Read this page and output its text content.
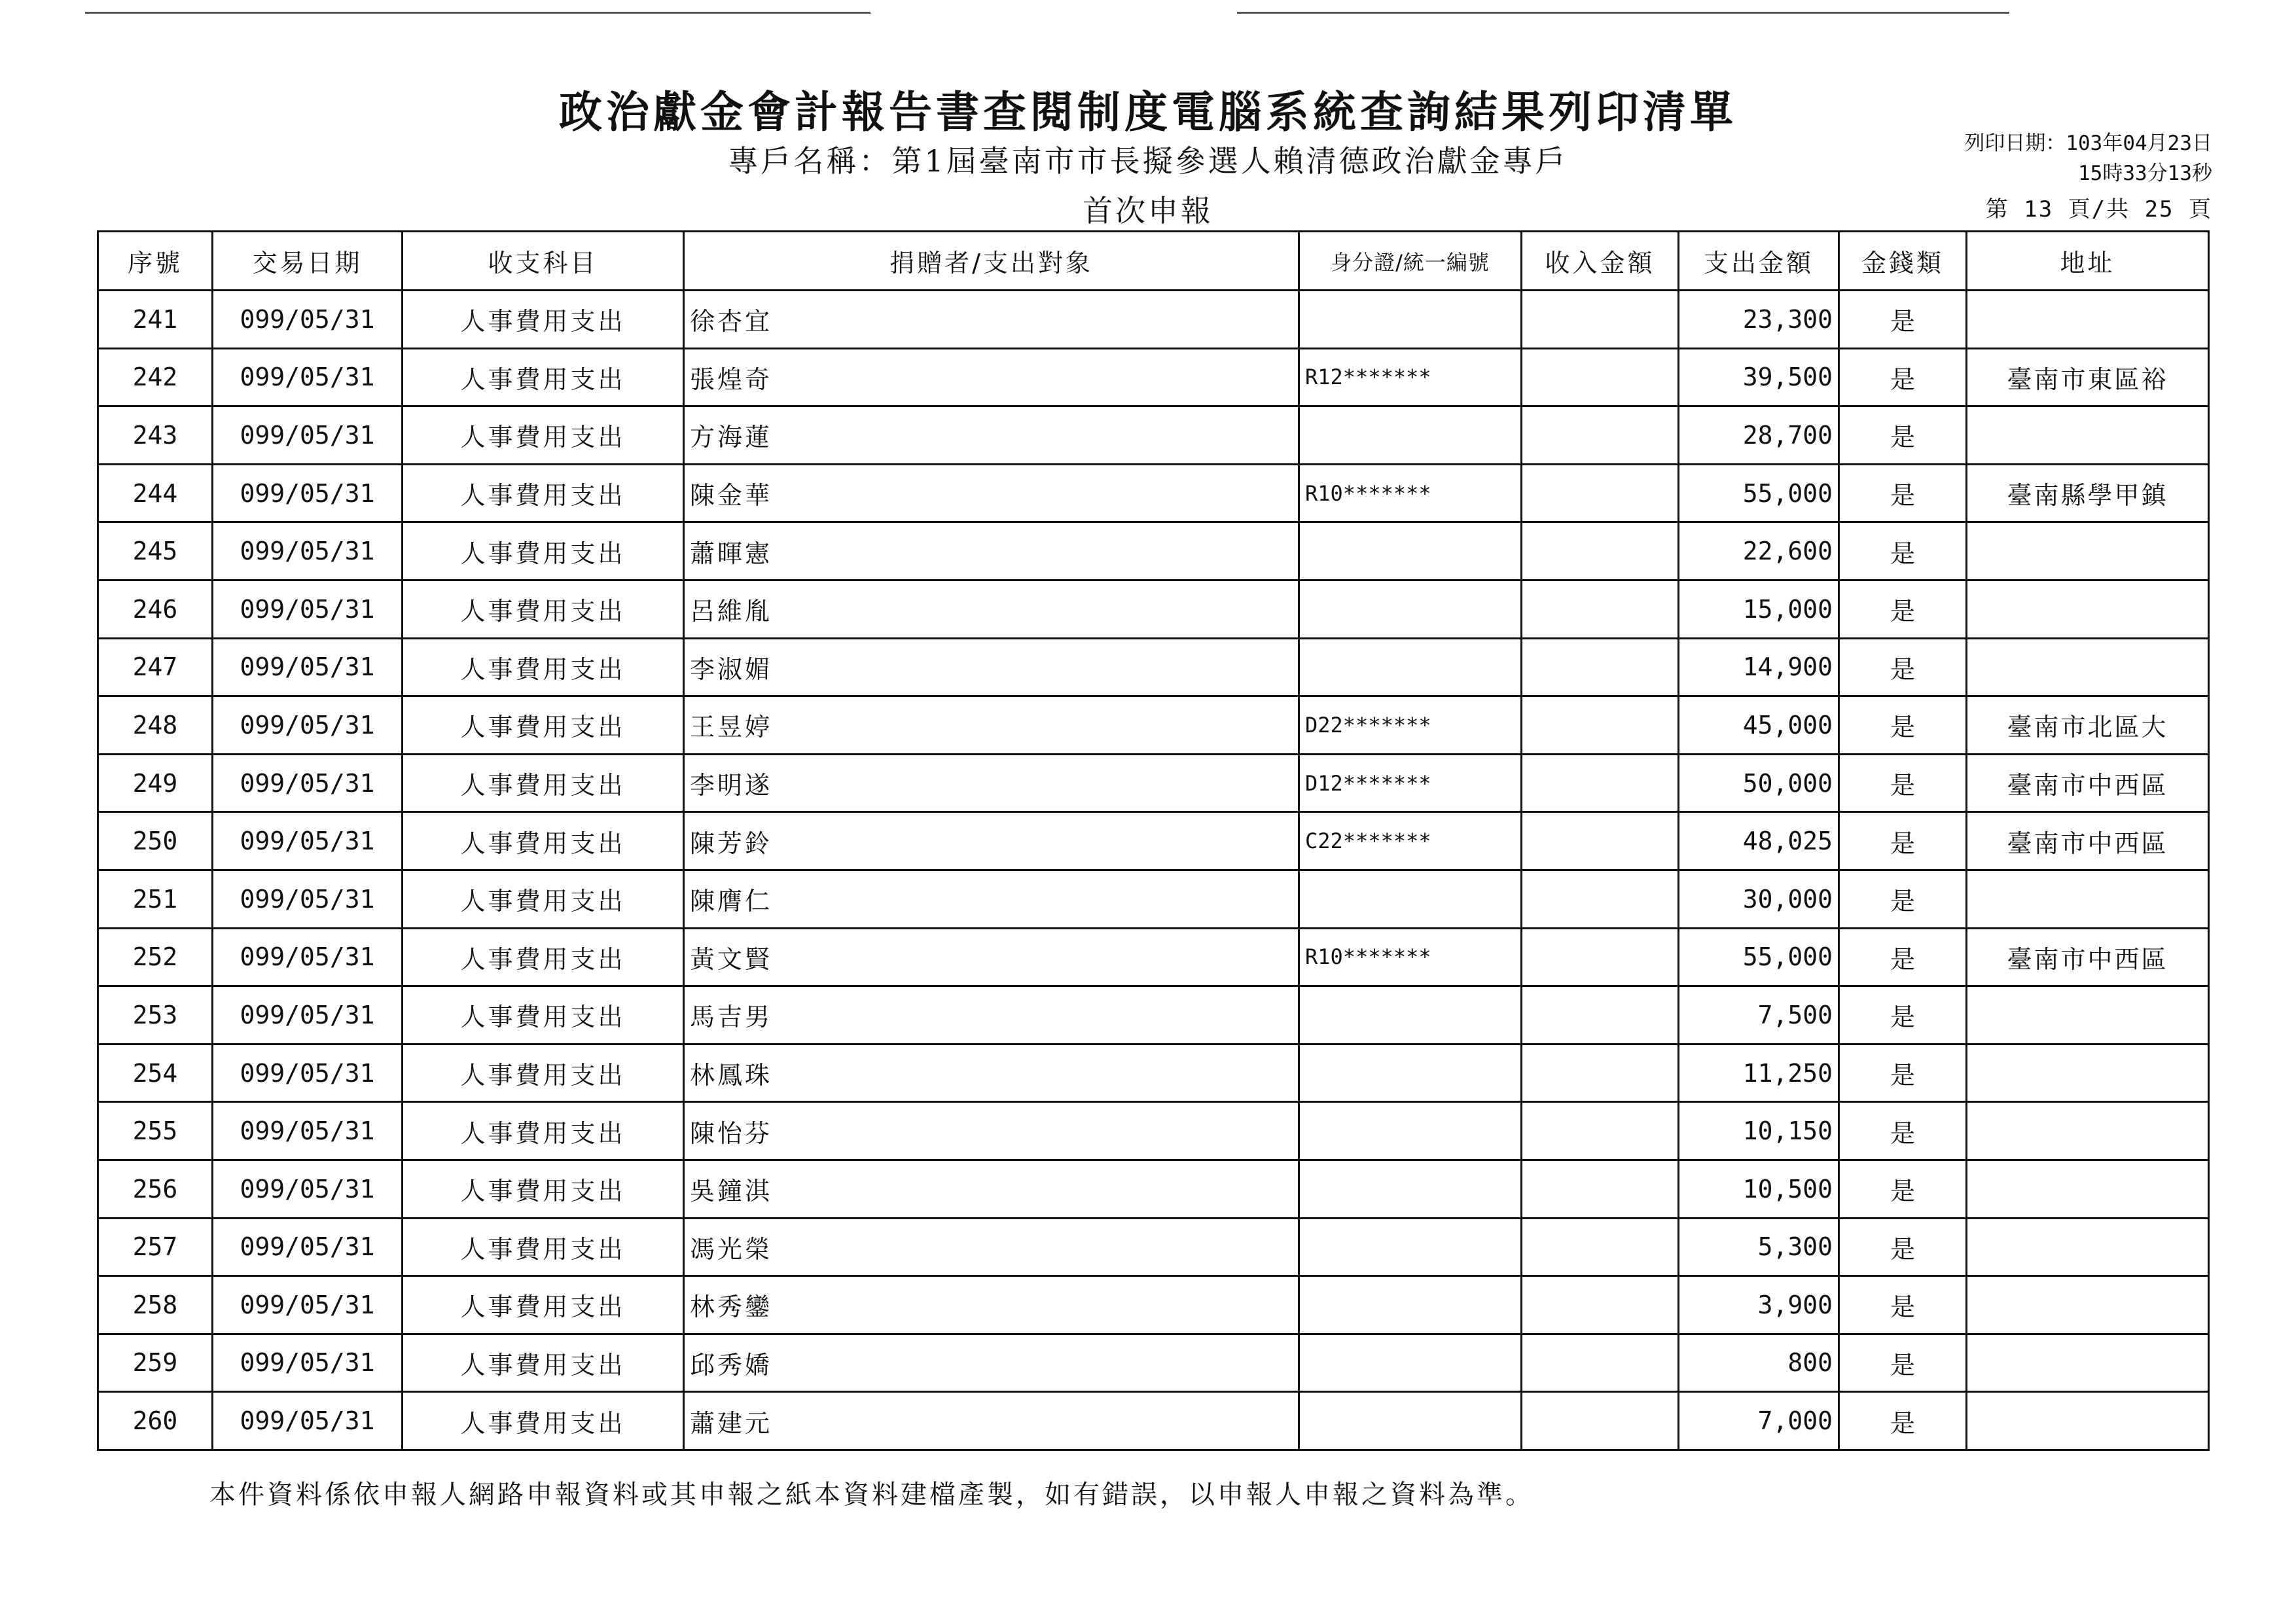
政治獻金會計報告書查閱制度電腦系統查詢結果列印清單
專戶名稱：第1屆臺南市市長擬參選人賴清德政治獻金專戶
首次申報
列印日期：103年04月23日
15時33分13秒
第 13 頁/共 25 頁
序號	交易日期	收支科目	捐贈者/支出對象	身分證/統一編號	收入金額	支出金額	金錢類	地址
241	099/05/31	人事費用支出	徐杏宜			23,300	是	
242	099/05/31	人事費用支出	張煌奇	R12*******		39,500	是	臺南市東區裕
243	099/05/31	人事費用支出	方海蓮			28,700	是	
244	099/05/31	人事費用支出	陳金華	R10*******		55,000	是	臺南縣學甲鎮
245	099/05/31	人事費用支出	蕭暉憲			22,600	是	
246	099/05/31	人事費用支出	呂維胤			15,000	是	
247	099/05/31	人事費用支出	李淑媚			14,900	是	
248	099/05/31	人事費用支出	王昱婷	D22*******		45,000	是	臺南市北區大
249	099/05/31	人事費用支出	李明遂	D12*******		50,000	是	臺南市中西區
250	099/05/31	人事費用支出	陳芳鈴	C22*******		48,025	是	臺南市中西區
251	099/05/31	人事費用支出	陳膺仁			30,000	是	
252	099/05/31	人事費用支出	黃文賢	R10*******		55,000	是	臺南市中西區
253	099/05/31	人事費用支出	馬吉男			7,500	是	
254	099/05/31	人事費用支出	林鳳珠			11,250	是	
255	099/05/31	人事費用支出	陳怡芬			10,150	是	
256	099/05/31	人事費用支出	吳鐘淇			10,500	是	
257	099/05/31	人事費用支出	馮光榮			5,300	是	
258	099/05/31	人事費用支出	林秀鑾			3,900	是	
259	099/05/31	人事費用支出	邱秀嬌			800	是	
260	099/05/31	人事費用支出	蕭建元			7,000	是	
本件資料係依申報人網路申報資料或其申報之紙本資料建檔產製，如有錯誤，以申報人申報之資料為準。
